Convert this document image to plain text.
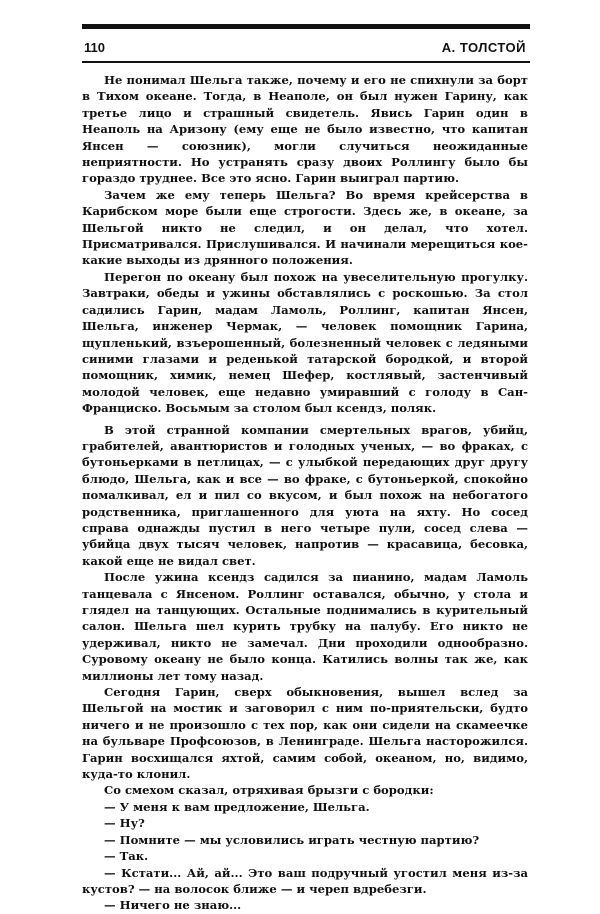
110	А. ТОЛСТОЙ

Не понимал Шельга также, почему и его не спихнули за борт в Тихом океане. Тогда, в Неаполе, он был нужен Гарину, как третье лицо и страшный свидетель. Явись Гарин один в Неаполь на Аризону (ему еще не было известно, что капитан Янсен — союзник), могли случиться неожиданные неприятности. Но устранять сразу двоих Роллингу было бы гораздо труднее. Все это ясно. Гарин выиграл партию.

Зачем же ему теперь Шельга? Во время крейсерства в Карибском море были еще строгости. Здесь же, в океане, за Шельгой никто не следил, и он делал, что хотел. Присматривался. Прислушивался. И начинали мерещиться кое-какие выходы из дрянного положения.

Перегон по океану был похож на увеселительную прогулку. Завтраки, обеды и ужины обставлялись с роскошью. За стол садились Гарин, мадам Ламоль, Роллинг, капитан Янсен, Шельга, инженер Чермак, — человек помощник Гарина, щупленький, взъерошенный, болезненный человек с ледяными синими глазами и реденькой татарской бородкой, и второй помощник, химик, немец Шефер, костлявый, застенчивый молодой человек, еще недавно умиравший с голоду в Сан-Франциско. Восьмым за столом был ксендз, поляк.

В этой странной компании смертельных врагов, убийц, грабителей, авантюристов и голодных ученых, — во фраках, с бутоньерками в петлицах, — с улыбкой передающих друг другу блюдо, Шельга, как и все — во фраке, с бутоньеркой, спокойно помалкивал, ел и пил со вкусом, и был похож на небогатого родственника, приглашенного для уюта на яхту. Но сосед справа однажды пустил в него четыре пули, сосед слева — убийца двух тысяч человек, напротив — красавица, бесовка, какой еще не видал свет.

После ужина ксендз садился за пианино, мадам Ламоль танцевала с Янсеном. Роллинг оставался, обычно, у стола и глядел на танцующих. Остальные поднимались в курительный салон. Шельга шел курить трубку на палубу. Его никто не удерживал, никто не замечал. Дни проходили однообразно. Суровому океану не было конца. Катились волны так же, как миллионы лет тому назад.

Сегодня Гарин, сверх обыкновения, вышел вслед за Шельгой на мостик и заговорил с ним по-приятельски, будто ничего и не произошло с тех пор, как они сидели на скамеечке на бульваре Профсоюзов, в Ленинграде. Шельга насторожился. Гарин восхищался яхтой, самим собой, океаном, но, видимо, куда-то клонил.

Со смехом сказал, отряхивая брызги с бородки:

— У меня к вам предложение, Шельга.

— Ну?

— Помните — мы условились играть честную партию?

— Так.

— Кстати... Ай, ай... Это ваш подручный угостил меня из-за кустов? — на волосок ближе — и череп вдребезги.

— Ничего не знаю...
